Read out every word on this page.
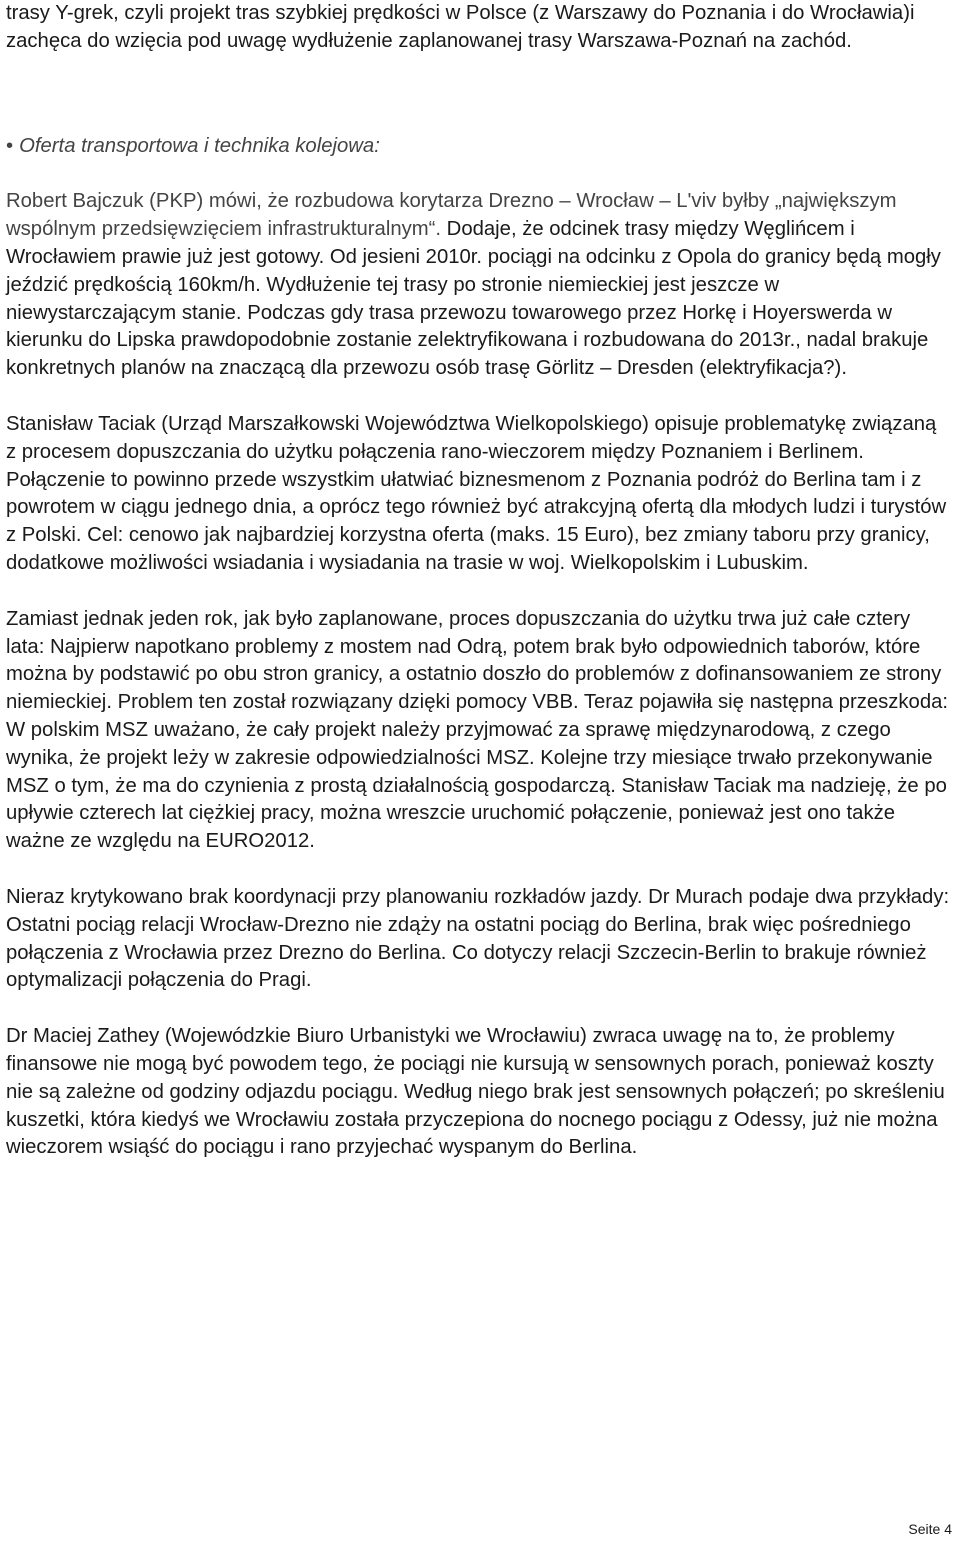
trasy Y-grek, czyli projekt tras szybkiej prędkości w Polsce (z Warszawy do Poznania i do Wrocławia)i zachęca do wzięcia pod uwagę wydłużenie zaplanowanej trasy Warszawa-Poznań na zachód.

• Oferta transportowa i technika kolejowa:

Robert Bajczuk (PKP) mówi, że rozbudowa korytarza Drezno – Wrocław – L'viv byłby „największym wspólnym przedsięwzięciem infrastrukturalnym“. Dodaje, że odcinek trasy między Węglińcem i Wrocławiem prawie już jest gotowy. Od jesieni 2010r. pociągi na odcinku z Opola do granicy będą mogły jeździć prędkością 160km/h. Wydłużenie tej trasy po stronie niemieckiej jest jeszcze w niewystarczającym stanie. Podczas gdy trasa przewozu towarowego przez Horkę i Hoyerswerda w kierunku do Lipska prawdopodobnie zostanie zelektryfikowana i rozbudowana do 2013r., nadal brakuje konkretnych planów na znaczącą dla przewozu osób trasę Görlitz – Dresden (elektryfikacja?).

Stanisław Taciak (Urząd Marszałkowski Województwa Wielkopolskiego) opisuje problematykę związaną z procesem dopuszczania do użytku połączenia rano-wieczorem między Poznaniem i Berlinem. Połączenie to powinno przede wszystkim ułatwiać biznesmenom z Poznania podróż do Berlina tam i z powrotem w ciągu jednego dnia, a oprócz tego również być atrakcyjną ofertą dla młodych ludzi i turystów z Polski. Cel: cenowo jak najbardziej korzystna oferta (maks. 15 Euro), bez zmiany taboru przy granicy, dodatkowe możliwości wsiadania i wysiadania na trasie w woj. Wielkopolskim i Lubuskim.

Zamiast jednak jeden rok, jak było zaplanowane, proces dopuszczania do użytku trwa już całe cztery lata: Najpierw napotkano problemy z mostem nad Odrą, potem brak było odpowiednich taborów, które można by podstawić po obu stron granicy, a ostatnio doszło do problemów z dofinansowaniem ze strony niemieckiej. Problem ten został rozwiązany dzięki pomocy VBB. Teraz pojawiła się następna przeszkoda: W polskim MSZ uważano, że cały projekt należy przyjmować za sprawę międzynarodową, z czego wynika, że projekt leży w zakresie odpowiedzialności MSZ. Kolejne trzy miesiące trwało przekonywanie MSZ o tym, że ma do czynienia z prostą działalnością gospodarczą. Stanisław Taciak ma nadzieję, że po upływie czterech lat ciężkiej pracy, można wreszcie uruchomić połączenie, ponieważ jest ono także ważne ze względu na EURO2012.

Nieraz krytykowano brak koordynacji przy planowaniu rozkładów jazdy. Dr Murach podaje dwa przykłady: Ostatni pociąg relacji Wrocław-Drezno nie zdąży na ostatni pociąg do Berlina, brak więc pośredniego połączenia z Wrocławia przez Drezno do Berlina. Co dotyczy relacji Szczecin-Berlin to brakuje również optymalizacji połączenia do Pragi.

Dr Maciej Zathey (Wojewódzkie Biuro Urbanistyki we Wrocławiu) zwraca uwagę na to, że problemy finansowe nie mogą być powodem tego, że pociągi nie kursują w sensownych porach, ponieważ koszty nie są zależne od godziny odjazdu pociągu. Według niego brak jest sensownych połączeń; po skreśleniu kuszetki, która kiedyś we Wrocławiu została przyczepiona do nocnego pociągu z Odessy, już nie można wieczorem wsiąść do pociągu i rano przyjechać wyspanym do Berlina.

Seite 4
